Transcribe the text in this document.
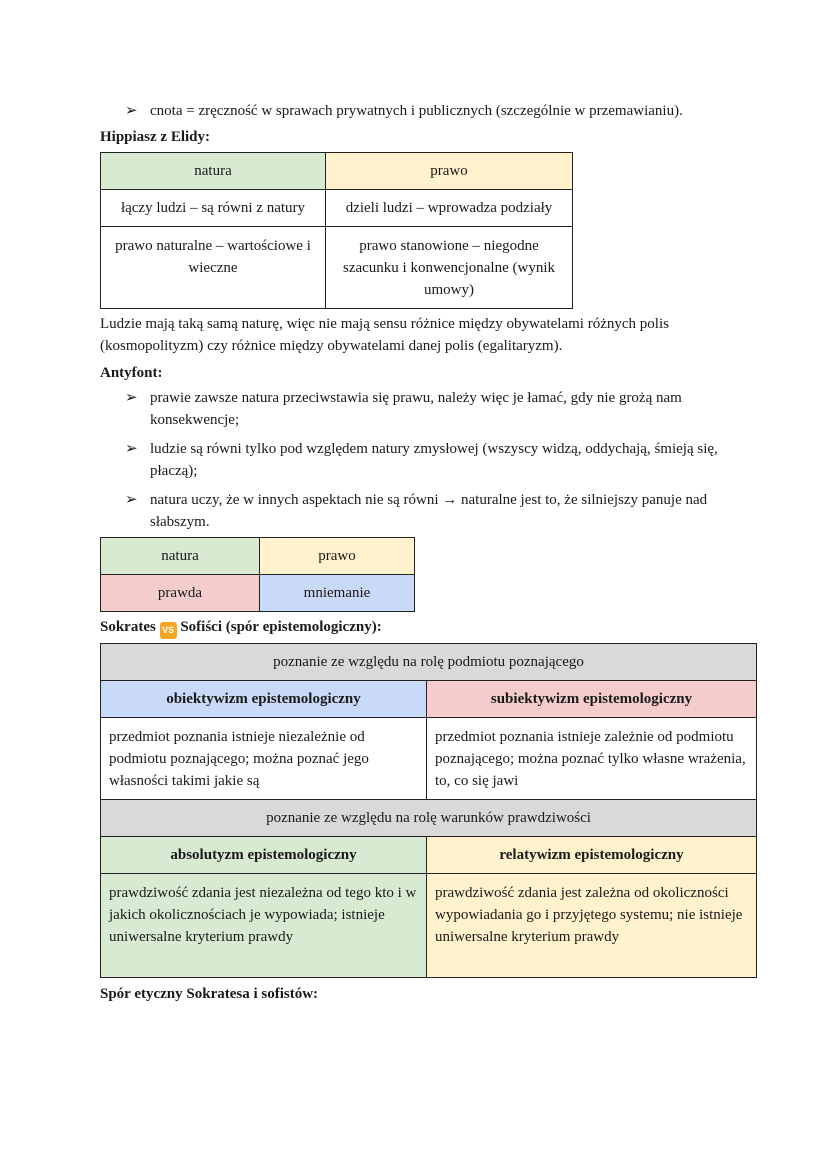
➢ cnota = zręczność w sprawach prywatnych i publicznych (szczególnie w przemawianiu).

Hippiasz z Elidy:

natura	prawo
łączy ludzi – są równi z natury	dzieli ludzi – wprowadza podziały
prawo naturalne – wartościowe i wieczne	prawo stanowione – niegodne szacunku i konwencjonalne (wynik umowy)

Ludzie mają taką samą naturę, więc nie mają sensu różnice między obywatelami różnych polis (kosmopolityzm) czy różnice między obywatelami danej polis (egalitaryzm).

Antyfont:

➢ prawie zawsze natura przeciwstawia się prawu, należy więc je łamać, gdy nie grożą nam konsekwencje;
➢ ludzie są równi tylko pod względem natury zmysłowej (wszyscy widzą, oddychają, śmieją się, płaczą);
➢ natura uczy, że w innych aspektach nie są równi → naturalne jest to, że silniejszy panuje nad słabszym.
natura	prawo
prawda	mniemanie

Sokrates VS Sofiści (spór epistemologiczny):

poznanie ze względu na rolę podmiotu poznającego	
obiektywizm epistemologiczny	subiektywizm epistemologiczny
przedmiot poznania istnieje niezależnie od podmiotu poznającego; można poznać jego własności takimi jakie są	przedmiot poznania istnieje zależnie od podmiotu poznającego; można poznać tylko własne wrażenia, to, co się jawi
poznanie ze względu na rolę warunków prawdziwości	
absolutyzm epistemologiczny	relatywizm epistemologiczny
prawdziwość zdania jest niezależna od tego kto i w jakich okolicznościach je wypowiada; istnieje uniwersalne kryterium prawdy	prawdziwość zdania jest zależna od okoliczności wypowiadania go i przyjętego systemu; nie istnieje uniwersalne kryterium prawdy

Spór etyczny Sokratesa i sofistów:
